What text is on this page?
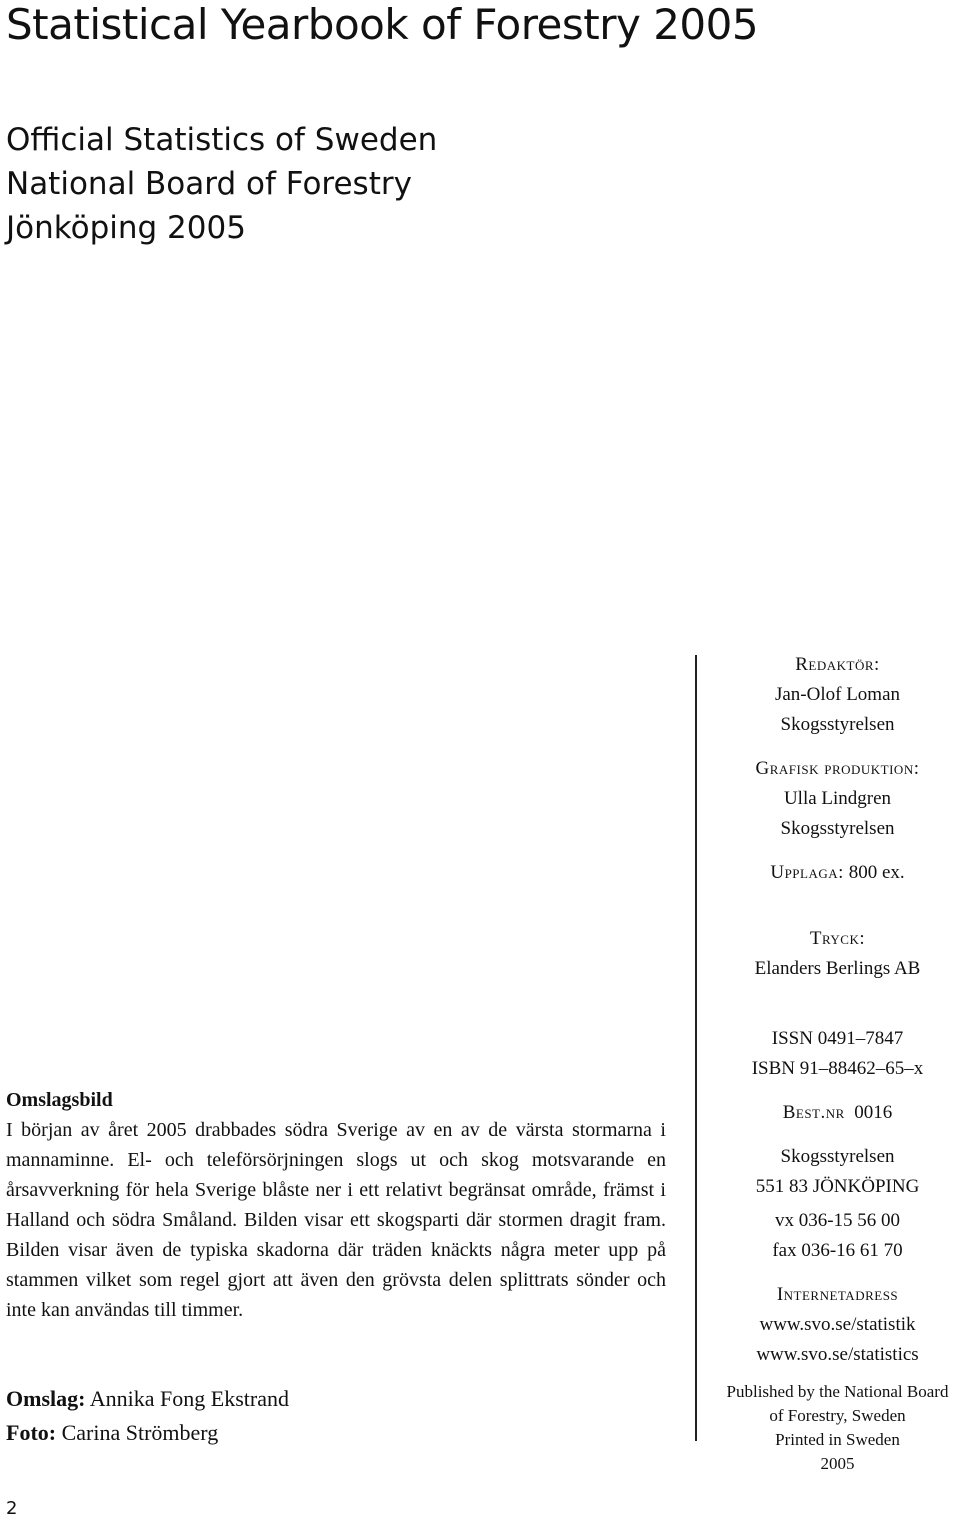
Statistical Yearbook of Forestry 2005
Official Statistics of Sweden
National Board of Forestry
Jönköping 2005
Redaktör:
Jan-Olof Loman
Skogsstyrelsen
Grafisk produktion:
Ulla Lindgren
Skogsstyrelsen
Upplaga: 800 ex.
Tryck:
Elanders Berlings AB
ISSN 0491–7847
ISBN 91–88462–65–x
Best.nr 0016
Skogsstyrelsen
551 83 JÖNKÖPING
vx 036-15 56 00
fax 036-16 61 70
Internetadress
www.svo.se/statistik
www.svo.se/statistics
Published by the National Board
of Forestry, Sweden
Printed in Sweden
2005

Omslagsbild

I början av året 2005 drabbades södra Sverige av en av de värsta stormarna i mannaminne. El- och teleförsörjningen slogs ut och skog motsvarande en årsavverkning för hela Sverige blåste ner i ett relativt begränsat område, främst i Halland och södra Småland. Bilden visar ett skogsparti där stormen dragit fram. Bilden visar även de typiska skadorna där träden knäckts några meter upp på stammen vilket som regel gjort att även den grövsta delen splittrats sönder och inte kan användas till timmer.

Omslag: Annika Fong Ekstrand
Foto: Carina Strömberg
2
